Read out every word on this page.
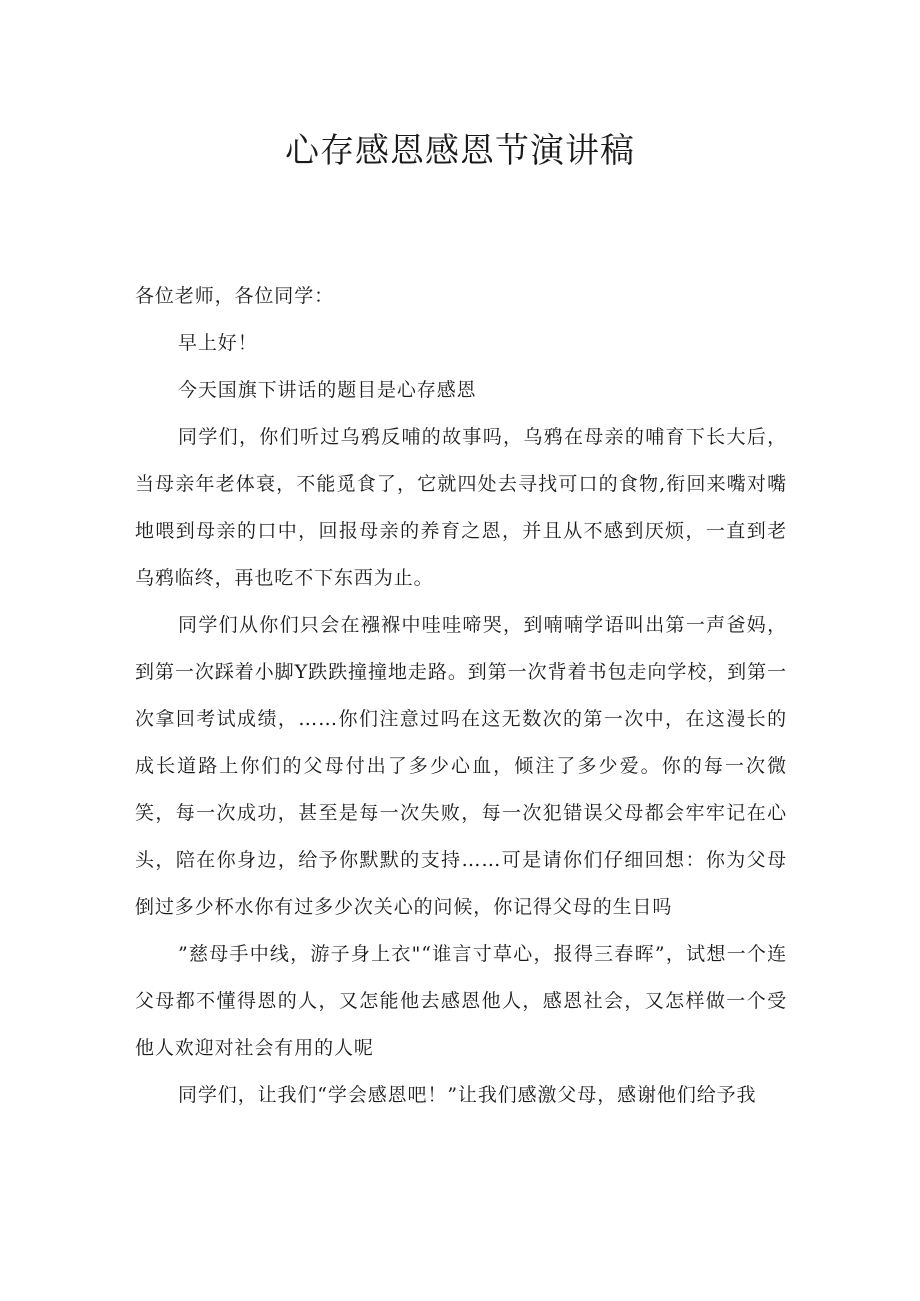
心存感恩感恩节演讲稿

各位老师，各位同学：

早上好！

今天国旗下讲话的题目是心存感恩

同学们，你们听过乌鸦反哺的故事吗，乌鸦在母亲的哺育下长大后，当母亲年老体衰，不能觅食了，它就四处去寻找可口的食物,衔回来嘴对嘴地喂到母亲的口中，回报母亲的养育之恩，并且从不感到厌烦，一直到老乌鸦临终，再也吃不下东西为止。

同学们从你们只会在襁褓中哇哇啼哭，到喃喃学语叫出第一声爸妈，到第一次踩着小脚Y跌跌撞撞地走路。到第一次背着书包走向学校，到第一次拿回考试成绩，……你们注意过吗在这无数次的第一次中，在这漫长的成长道路上你们的父母付出了多少心血，倾注了多少爱。你的每一次微笑，每一次成功，甚至是每一次失败，每一次犯错误父母都会牢牢记在心头，陪在你身边，给予你默默的支持……可是请你们仔细回想：你为父母倒过多少杯水你有过多少次关心的问候，你记得父母的生日吗

”慈母手中线，游子身上衣"“谁言寸草心，报得三春晖”，试想一个连父母都不懂得恩的人，又怎能他去感恩他人，感恩社会，又怎样做一个受他人欢迎对社会有用的人呢

同学们，让我们“学会感恩吧！”让我们感激父母，感谢他们给予我
